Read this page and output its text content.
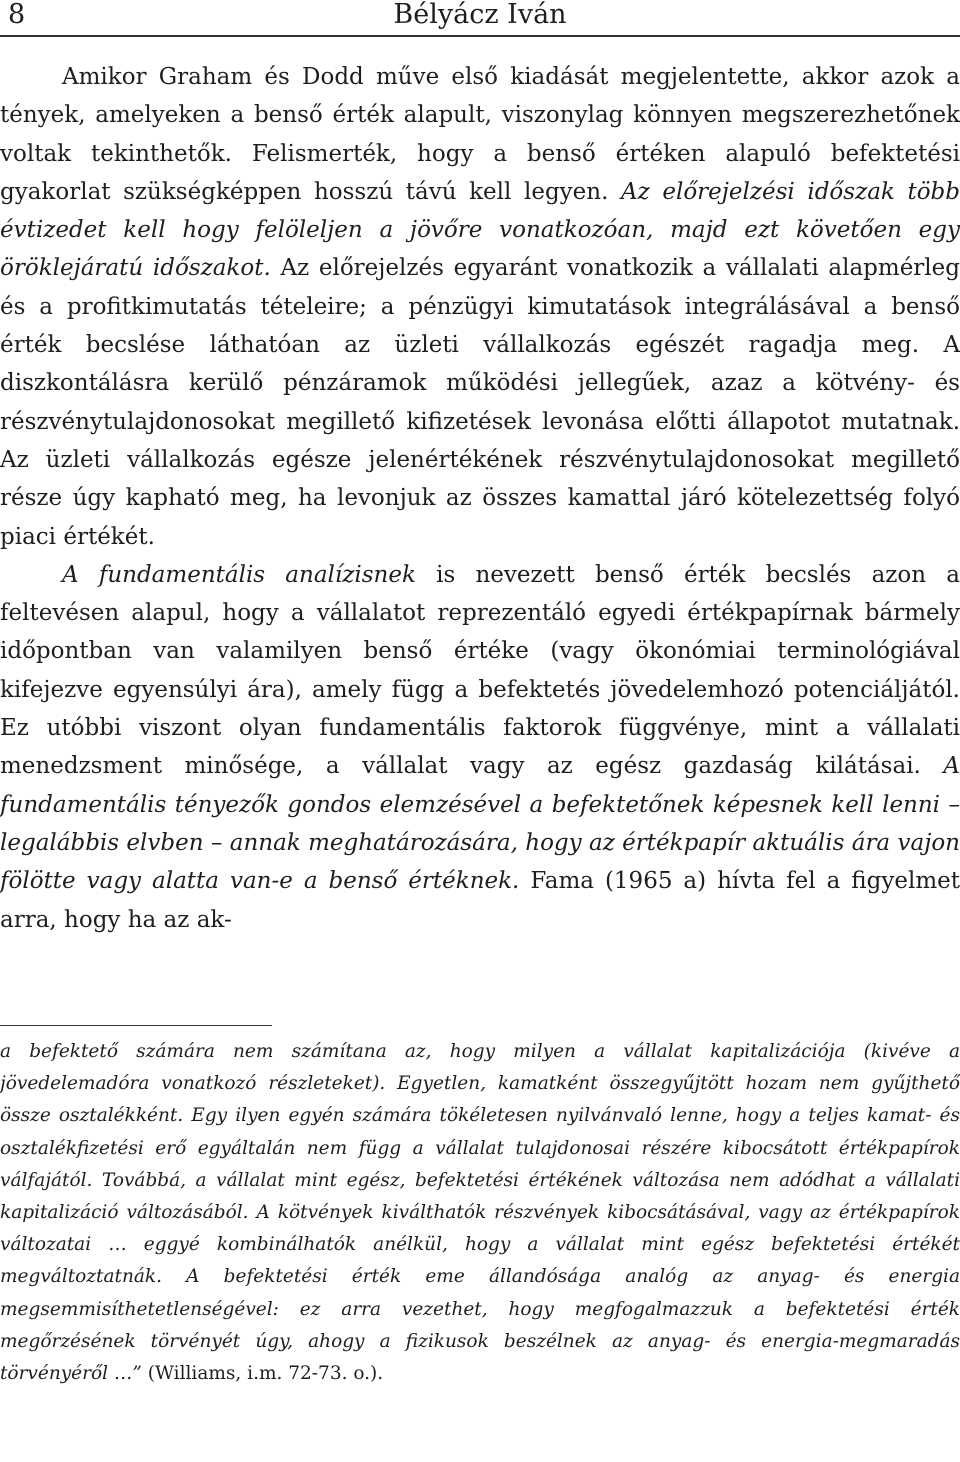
8	Bélyácz Iván

Amikor Graham és Dodd műve első kiadását megjelentette, akkor azok a tények, amelyeken a benső érték alapult, viszonylag könnyen megszerezhetőnek voltak tekinthetők. Felismerték, hogy a benső értéken alapuló befektetési gyakorlat szükségképpen hosszú távú kell legyen. Az előrejelzési időszak több évtizedet kell hogy felöleljen a jövőre vonatkozóan, majd ezt követően egy öröklejáratú időszakot. Az előrejelzés egyaránt vonatkozik a vállalati alapmérleg és a profitkimutatás tételeire; a pénzügyi kimutatások integrálásával a benső érték becslése láthatóan az üzleti vállalkozás egészét ragadja meg. A diszkontálásra kerülő pénzáramok működési jellegűek, azaz a kötvény- és részvénytulajdonosokat megillető kifizetések levonása előtti állapotot mutatnak. Az üzleti vállalkozás egésze jelenértékének részvénytulajdonosokat megillető része úgy kapható meg, ha levonjuk az összes kamattal járó kötelezettség folyó piaci értékét.

A fundamentális analízisnek is nevezett benső érték becslés azon a feltevésen alapul, hogy a vállalatot reprezentáló egyedi értékpapírnak bármely időpontban van valamilyen benső értéke (vagy ökonómiai terminológiával kifejezve egyensúlyi ára), amely függ a befektetés jövedelemhozó potenciáljától. Ez utóbbi viszont olyan fundamentális faktorok függvénye, mint a vállalati menedzsment minősége, a vállalat vagy az egész gazdaság kilátásai. A fundamentális tényezők gondos elemzésével a befektetőnek képesnek kell lenni – legalábbis elvben – annak meghatározására, hogy az értékpapír aktuális ára vajon fölötte vagy alatta van-e a benső értéknek. Fama (1965 a) hívta fel a figyelmet arra, hogy ha az ak-

a befektető számára nem számítana az, hogy milyen a vállalat kapitalizációja (kivéve a jövedelemadóra vonatkozó részleteket). Egyetlen, kamatként összegyűjtött hozam nem gyűjthető össze osztalékként. Egy ilyen egyén számára tökéletesen nyilvánvaló lenne, hogy a teljes kamat- és osztalékfizetési erő egyáltalán nem függ a vállalat tulajdonosai részére kibocsátott értékpapírok válfajától. Továbbá, a vállalat mint egész, befektetési értékének változása nem adódhat a vállalati kapitalizáció változásából. A kötvények kiválthatók részvények kibocsátásával, vagy az értékpapírok változatai … eggyé kombinálhatók anélkül, hogy a vállalat mint egész befektetési értékét megváltoztatnák. A befektetési érték eme állandósága analóg az anyag- és energia megsemmisíthetetlenségével: ez arra vezethet, hogy megfogalmazzuk a befektetési érték megőrzésének törvényét úgy, ahogy a fizikusok beszélnek az anyag- és energia-megmaradás törvényéről …” (Williams, i.m. 72-73. o.).
